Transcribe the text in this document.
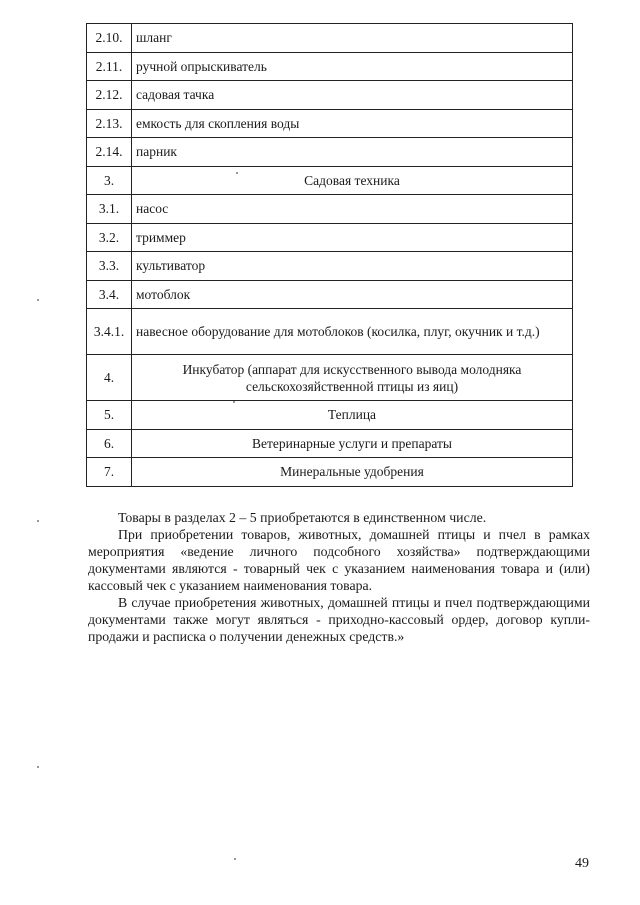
2.10.	шланг
2.11.	ручной опрыскиватель
2.12.	садовая тачка
2.13.	емкость для скопления воды
2.14.	парник
3.	Садовая техника
3.1.	насос
3.2.	триммер
3.3.	культиватор
3.4.	мотоблок
3.4.1.	навесное оборудование для мотоблоков (косилка, плуг, окучник и т.д.)
4.	Инкубатор (аппарат для искусственного вывода молодняка сельскохозяйственной птицы из яиц)
5.	Теплица
6.	Ветеринарные услуги и препараты
7.	Минеральные удобрения

Товары в разделах 2 – 5 приобретаются в единственном числе.

При приобретении товаров, животных, домашней птицы и пчел в рамках мероприятия «ведение личного подсобного хозяйства» подтверждающими документами являются - товарный чек с указанием наименования товара и (или) кассовый чек с указанием наименования товара.

В случае приобретения животных, домашней птицы и пчел подтверждающими документами также могут являться - приходно-кассовый ордер, договор купли-продажи и расписка о получении денежных средств.»

49
